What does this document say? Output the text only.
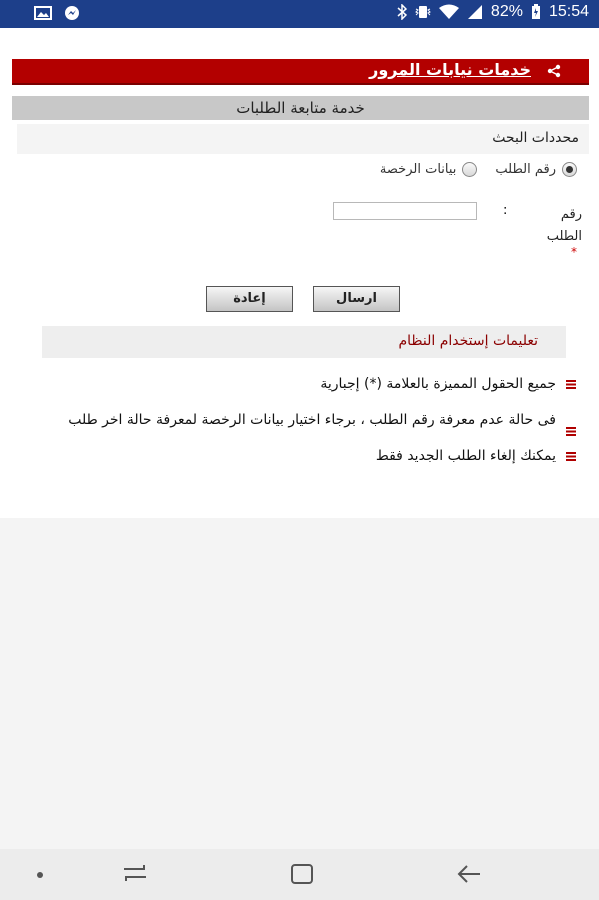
82% 15:54
خدمات نيابات المرور
خدمة متابعة الطلبات
محددات البحث
رقم الطلب
بيانات الرخصة
رقم الطلب
*
:
ارسال
إعادة
تعليمات إستخدام النظام
جميع الحقول المميزة بالعلامة (*) إجبارية
فى حالة عدم معرفة رقم الطلب ، برجاء اختيار بيانات الرخصة لمعرفة حالة اخر طلب
يمكنك إلغاء الطلب الجديد فقط
